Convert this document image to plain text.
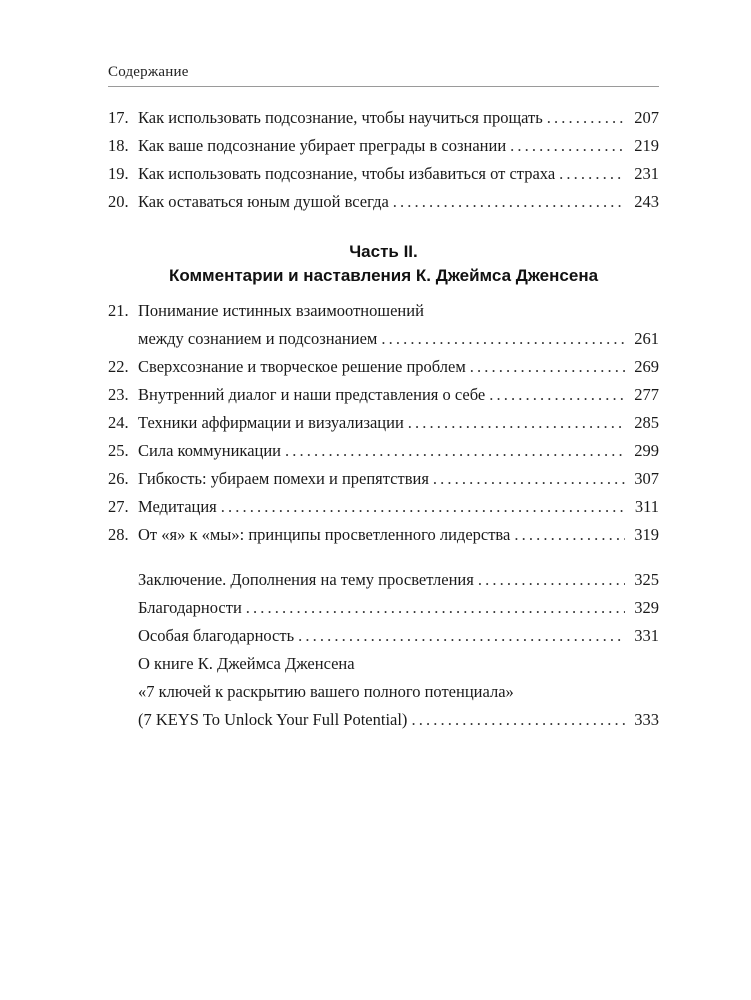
Содержание
17. Как использовать подсознание, чтобы научиться прощать . . .	207
18. Как ваше подсознание убирает преграды в сознании . . .	219
19. Как использовать подсознание, чтобы избавиться от страха . . .	231
20. Как оставаться юным душой всегда . . .	243
Часть II.
Комментарии и наставления К. Джеймса Дженсена
21. Понимание истинных взаимоотношений
между сознанием и подсознанием . . .	261
22. Сверхсознание и творческое решение проблем . . .	269
23. Внутренний диалог и наши представления о себе . . .	277
24. Техники аффирмации и визуализации . . .	285
25. Сила коммуникации . . .	299
26. Гибкость: убираем помехи и препятствия . . .	307
27. Медитация . . .	311
28. От «я» к «мы»: принципы просветленного лидерства . . .	319
Заключение. Дополнения на тему просветления . . .	325
Благодарности . . .	329
Особая благодарность . . .	331
О книге К. Джеймса Дженсена
«7 ключей к раскрытию вашего полного потенциала»
(7 KEYS To Unlock Your Full Potential) . . .	333
